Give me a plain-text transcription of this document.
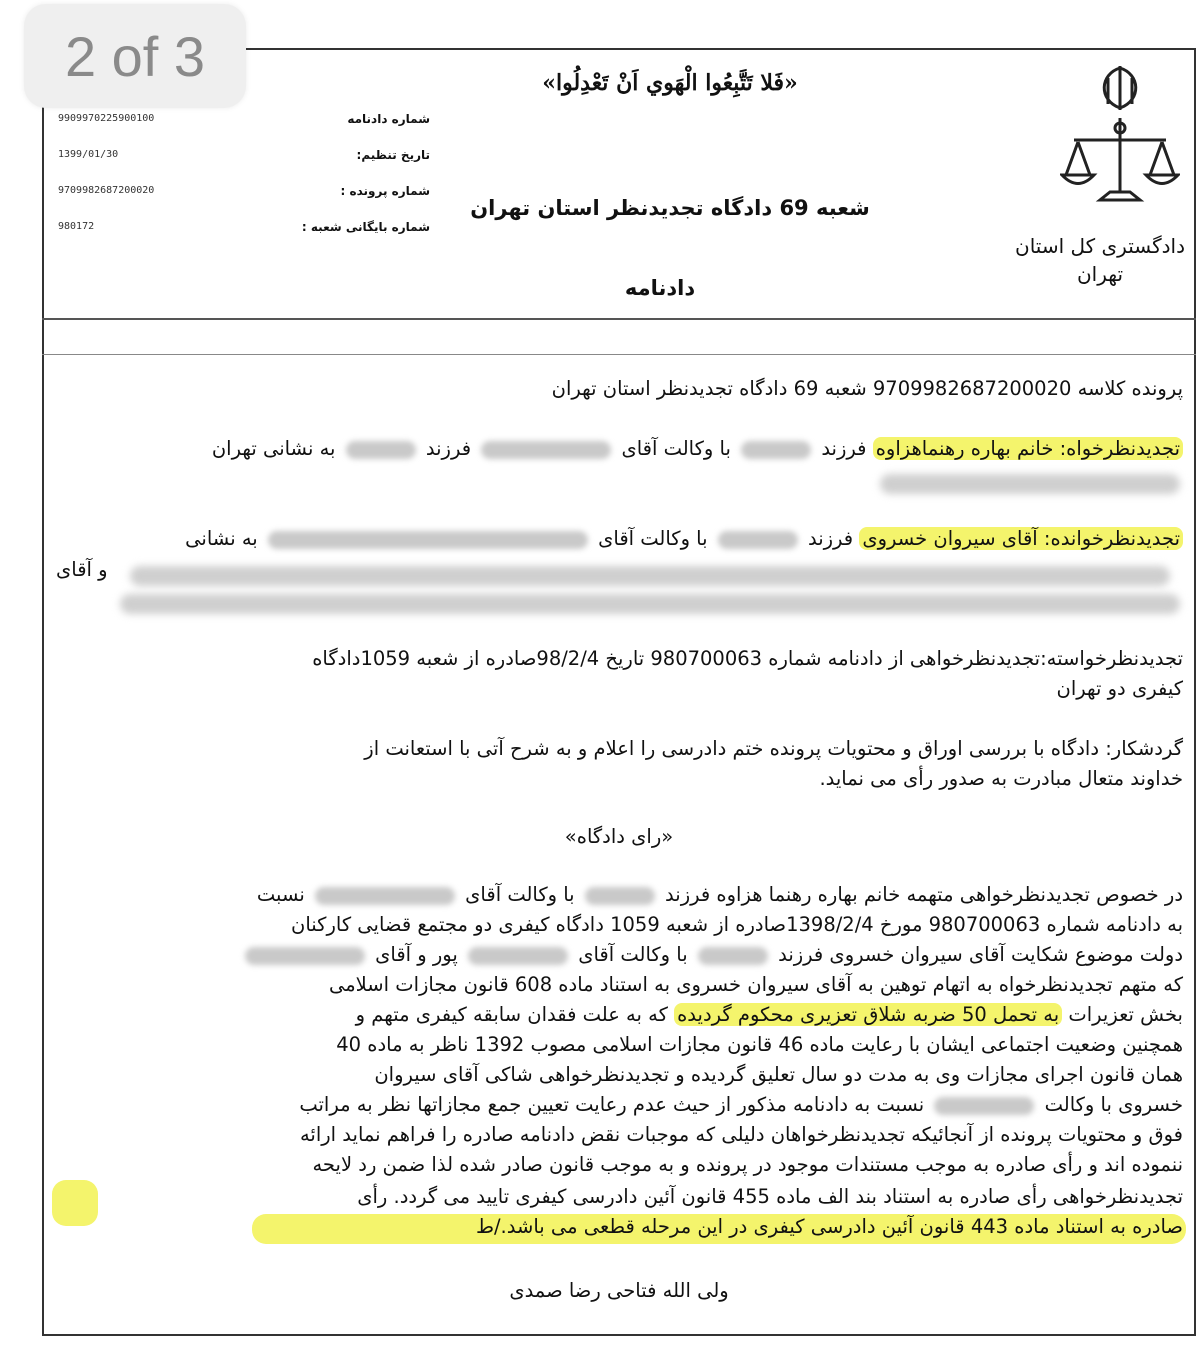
2 of 3	«فَلا تَتَّبِعُوا الْهَوي اَنْ تَعْدِلُوا»
شعبه 69 دادگاه تجدیدنظر استان تهران
دادنامه
دادگستری کل استان
تهران
شماره دادنامه
9909970225900100
تاریخ تنظیم:
1399/01/30
شماره پرونده :
9709982687200020
شماره بایگانی شعبه :
980172
پرونده کلاسه 9709982687200020 شعبه 69 دادگاه تجدیدنظر استان تهران
تجدیدنظرخواه: خانم بهاره رهنماهزاوه فرزند  با وکالت آقای  فرزند  به نشانی تهران
تجدیدنظرخوانده: آقای سیروان خسروی فرزند  با وکالت آقای  به نشانی
و آقای
تجدیدنظرخواسته:تجدیدنظرخواهی از دادنامه شماره 980700063 تاریخ 98/2/4صادره از شعبه 1059دادگاه
کیفری دو تهران
گردشکار: دادگاه با بررسی اوراق و محتویات پرونده ختم دادرسی را اعلام و به شرح آتی با استعانت از
خداوند متعال مبادرت به صدور رأی می نماید.
«رای دادگاه»
در خصوص تجدیدنظرخواهی متهمه خانم بهاره رهنما هزاوه فرزند  با وکالت آقای  نسبت
به دادنامه شماره 980700063 مورخ 1398/2/4صادره از شعبه 1059 دادگاه کیفری دو مجتمع قضایی کارکنان
دولت موضوع شکایت آقای سیروان خسروی فرزند  با وکالت آقای  پور و آقای
که متهم تجدیدنظرخواه به اتهام توهین به آقای سیروان خسروی به استناد ماده 608 قانون مجازات اسلامی
بخش تعزیرات به تحمل 50 ضربه شلاق تعزیری محکوم گردیده که به علت فقدان سابقه کیفری متهم و
همچنین وضعیت اجتماعی ایشان با رعایت ماده 46 قانون مجازات اسلامی مصوب 1392 ناظر به ماده 40
همان قانون اجرای مجازات وی به مدت دو سال تعلیق گردیده و تجدیدنظرخواهی شاکی آقای سیروان
خسروی با وکالت  نسبت به دادنامه مذکور از حیث عدم رعایت تعیین جمع مجازاتها نظر به مراتب
فوق و محتویات پرونده از آنجائیکه تجدیدنظرخواهان دلیلی که موجبات نقض دادنامه صادره را فراهم نماید ارائه
ننموده اند و رأی صادره به موجب مستندات موجود در پرونده و به موجب قانون صادر شده لذا ضمن رد لایحه
تجدیدنظرخواهی رأی صادره به استناد بند الف ماده 455 قانون آئین دادرسی کیفری تایید می گردد. رأی
صادره به استناد ماده 443 قانون آئین دادرسی کیفری در این مرحله قطعی می باشد./ط
ولی الله فتاحی رضا صمدی
